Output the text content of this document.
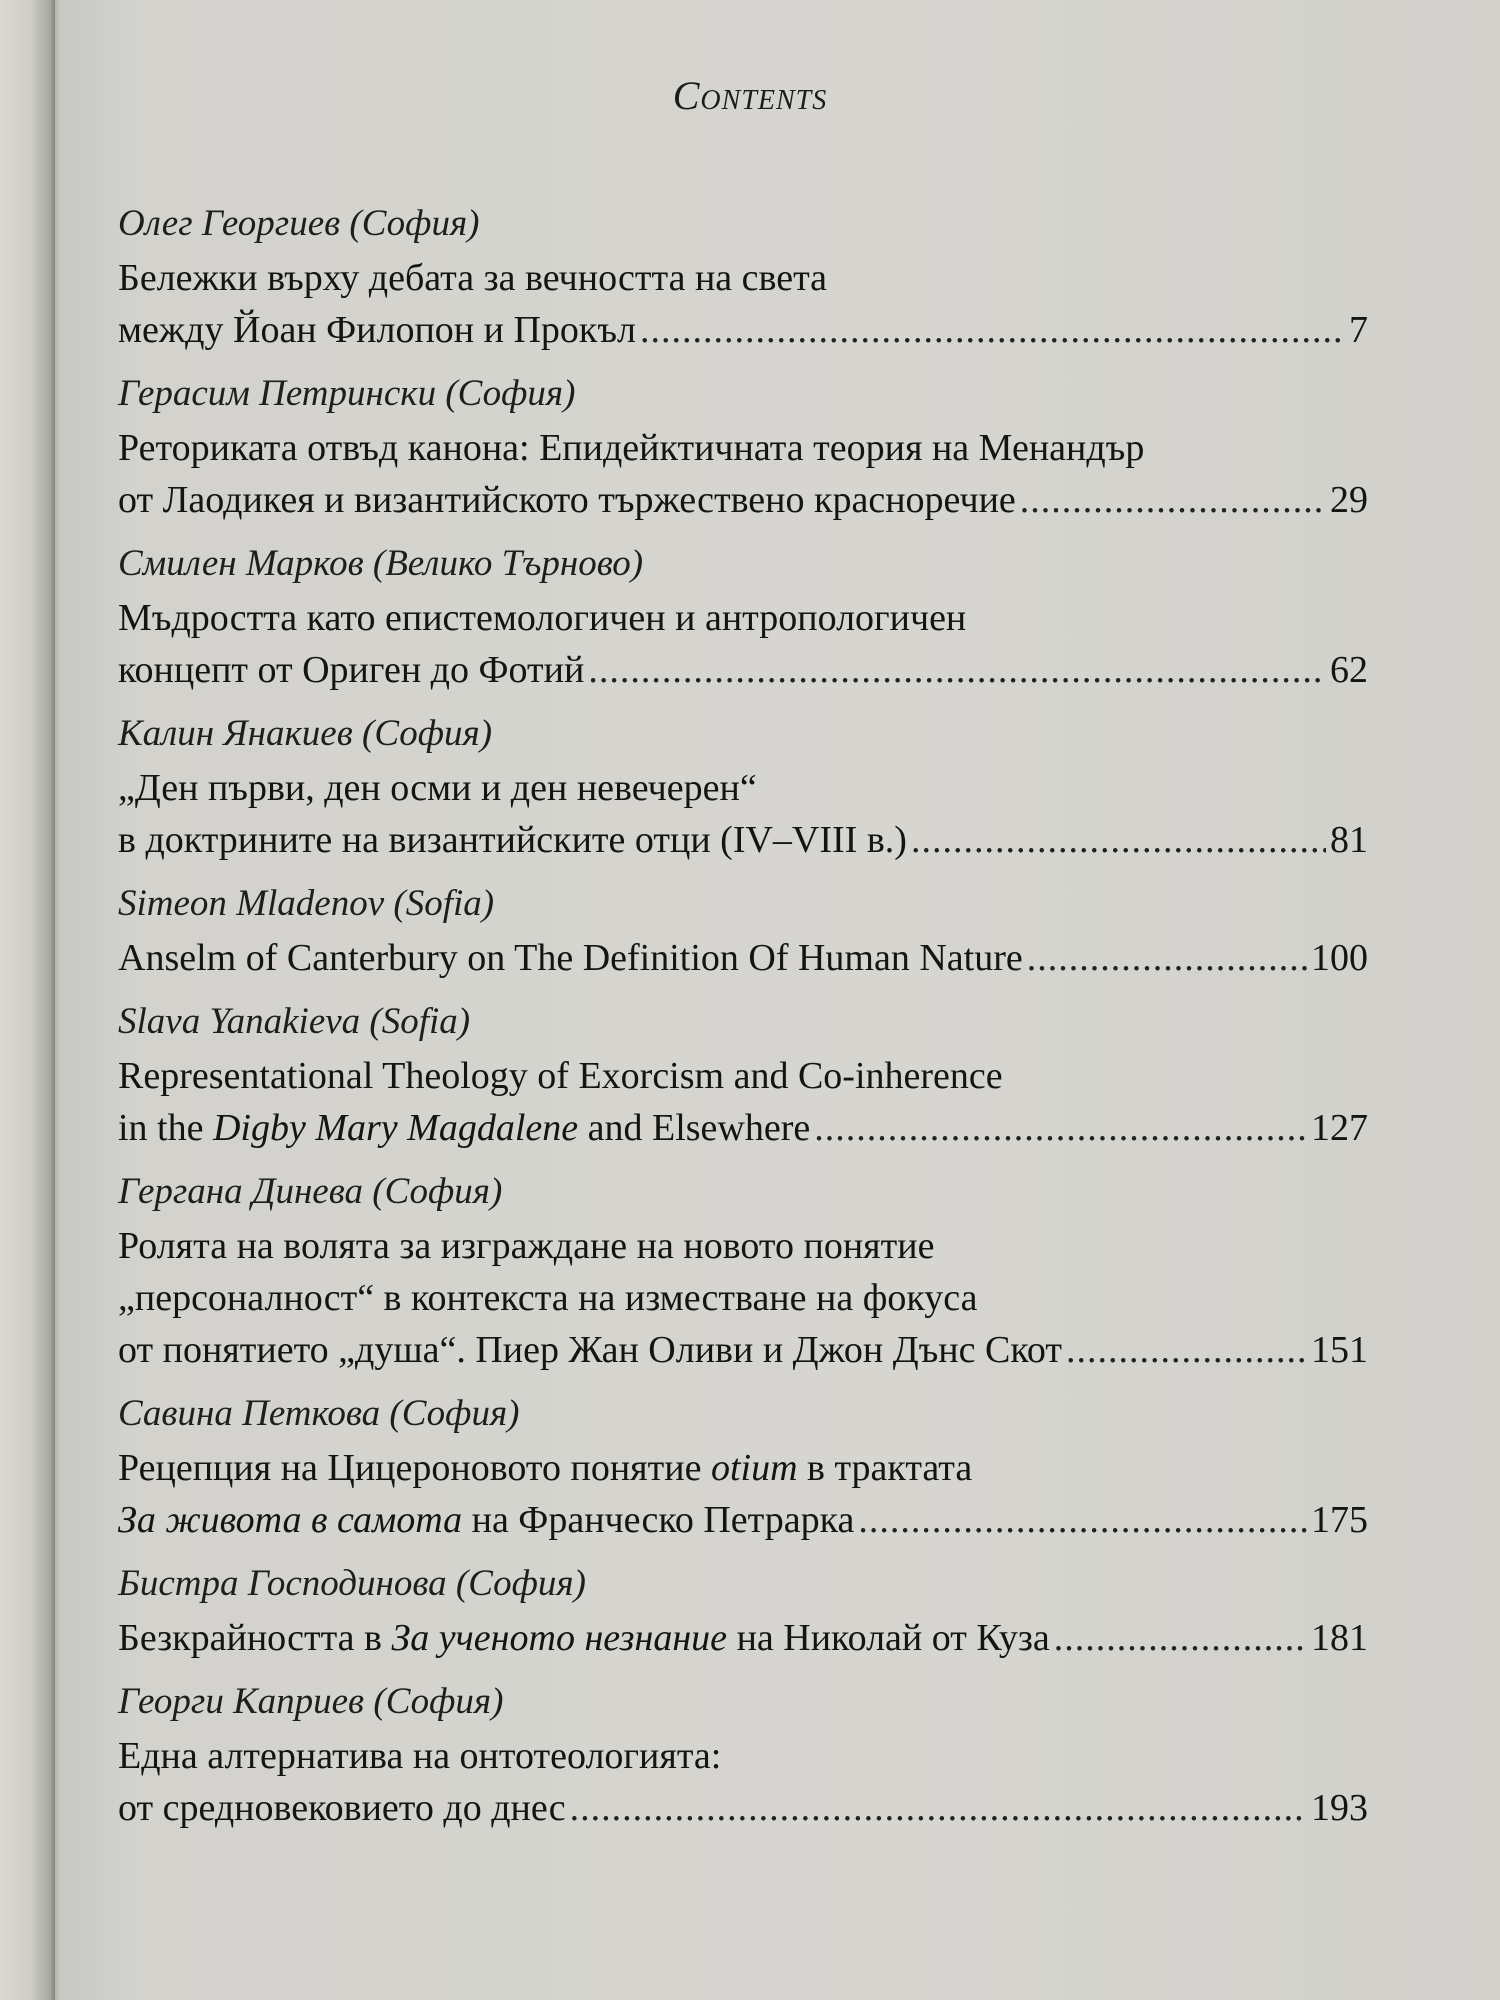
Contents
Олег Георгиев (София)
Бележки върху дебата за вечността на света
между Йоан Филопон и Прокъл .....	7
Герасим Петрински (София)
Реториката отвъд канона: Епидейктичната теория на Менандър
от Лаодикея и византийското тържествено красноречие .....	29
Смилен Марков (Велико Търново)
Мъдростта като епистемологичен и антропологичен
концепт от Ориген до Фотий .....	62
Калин Янакиев (София)
„Ден първи, ден осми и ден невечерен“
в доктрините на византийските отци (IV–VIII в.) .....	81
Simeon Mladenov (Sofia)
Anselm of Canterbury on The Definition Of Human Nature .....	100
Slava Yanakieva (Sofia)
Representational Theology of Exorcism and Co-inherence
in the Digby Mary Magdalene and Elsewhere .....	127
Гергана Динева (София)
Ролята на волята за изграждане на новото понятие
„персоналност“ в контекста на изместване на фокуса
от понятието „душа“. Пиер Жан Оливи и Джон Дънс Скот .....	151
Савина Петкова (София)
Рецепция на Цицероновото понятие otium в трактата
За живота в самота на Франческо Петрарка .....	175
Бистра Господинова (София)
Безкрайността в За ученото незнание на Николай от Куза .....	181
Георги Каприев (София)
Една алтернатива на онтотеологията:
от средновековието до днес .....	193
